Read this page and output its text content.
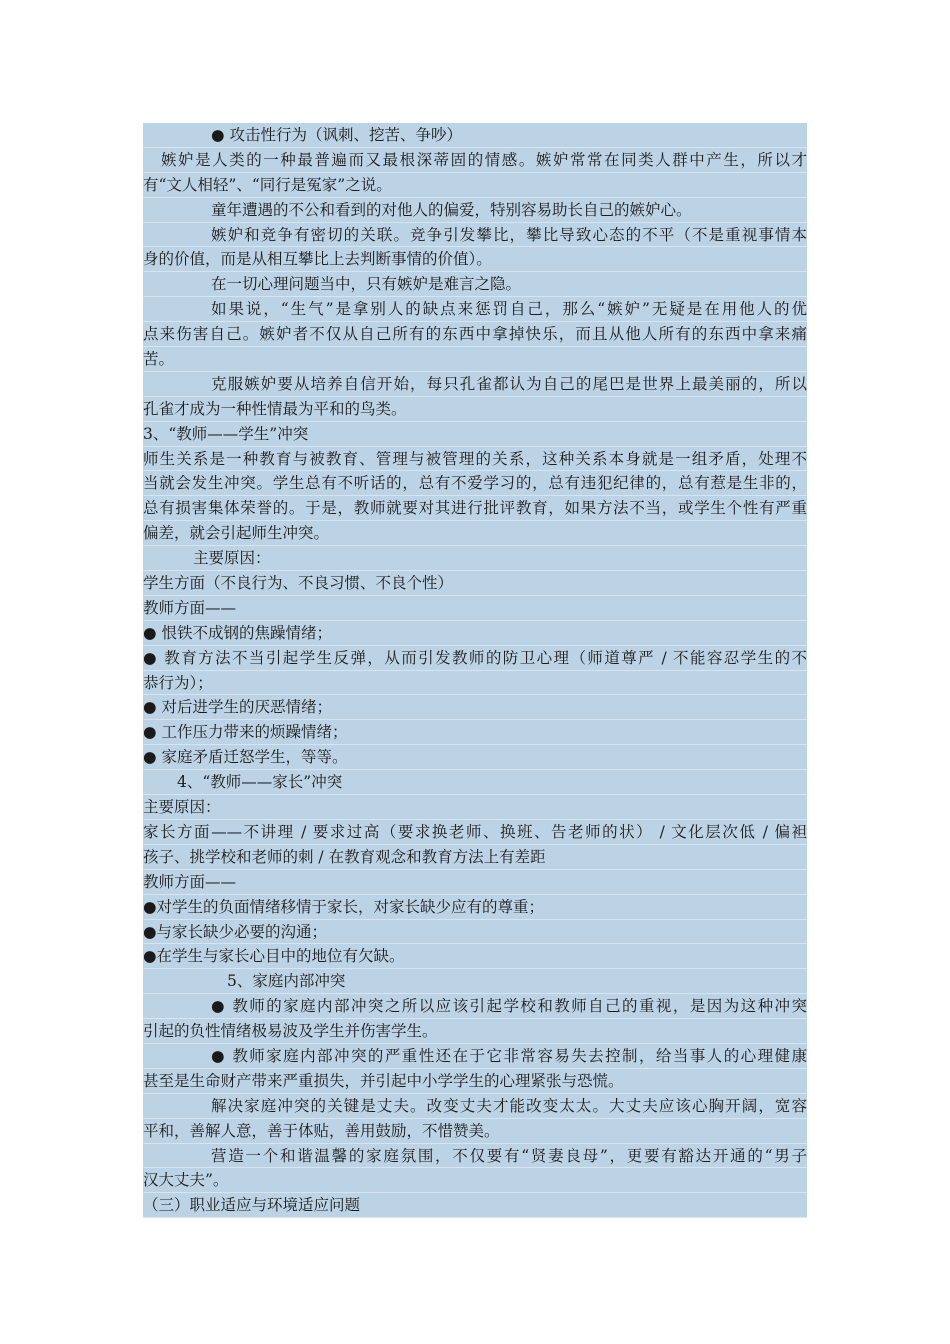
● 攻击性行为（讽刺、挖苦、争吵）
嫉妒是人类的一种最普遍而又最根深蒂固的情感。嫉妒常常在同类人群中产生，所以才
有“文人相轻”、“同行是冤家”之说。
童年遭遇的不公和看到的对他人的偏爱，特别容易助长自己的嫉妒心。
嫉妒和竞争有密切的关联。竞争引发攀比，攀比导致心态的不平（不是重视事情本
身的价值，而是从相互攀比上去判断事情的价值）。
在一切心理问题当中，只有嫉妒是难言之隐。
如果说，“生气”是拿别人的缺点来惩罚自己，那么“嫉妒”无疑是在用他人的优
点来伤害自己。嫉妒者不仅从自己所有的东西中拿掉快乐，而且从他人所有的东西中拿来痛
苦。
克服嫉妒要从培养自信开始，每只孔雀都认为自己的尾巴是世界上最美丽的，所以
孔雀才成为一种性情最为平和的鸟类。
3、“教师——学生”冲突
师生关系是一种教育与被教育、管理与被管理的关系，这种关系本身就是一组矛盾，处理不
当就会发生冲突。学生总有不听话的，总有不爱学习的，总有违犯纪律的，总有惹是生非的，
总有损害集体荣誉的。于是，教师就要对其进行批评教育，如果方法不当，或学生个性有严重
偏差，就会引起师生冲突。
主要原因：
学生方面（不良行为、不良习惯、不良个性）
教师方面——
● 恨铁不成钢的焦躁情绪；
● 教育方法不当引起学生反弹，从而引发教师的防卫心理（师道尊严 / 不能容忍学生的不
恭行为）；
● 对后进学生的厌恶情绪；
● 工作压力带来的烦躁情绪；
● 家庭矛盾迁怒学生，等等。
4、“教师——家长”冲突
主要原因：
家长方面——不讲理 / 要求过高（要求换老师、换班、告老师的状） / 文化层次低 / 偏袒
孩子、挑学校和老师的刺 / 在教育观念和教育方法上有差距
教师方面——
●对学生的负面情绪移情于家长，对家长缺少应有的尊重；
●与家长缺少必要的沟通；
●在学生与家长心目中的地位有欠缺。
5、家庭内部冲突
● 教师的家庭内部冲突之所以应该引起学校和教师自己的重视，是因为这种冲突
引起的负性情绪极易波及学生并伤害学生。
● 教师家庭内部冲突的严重性还在于它非常容易失去控制，给当事人的心理健康
甚至是生命财产带来严重损失，并引起中小学学生的心理紧张与恐慌。
解决家庭冲突的关键是丈夫。改变丈夫才能改变太太。大丈夫应该心胸开阔，宽容
平和，善解人意，善于体贴，善用鼓励，不惜赞美。
营造一个和谐温馨的家庭氛围，不仅要有“贤妻良母”，更要有豁达开通的“男子
汉大丈夫”。
（三）职业适应与环境适应问题
